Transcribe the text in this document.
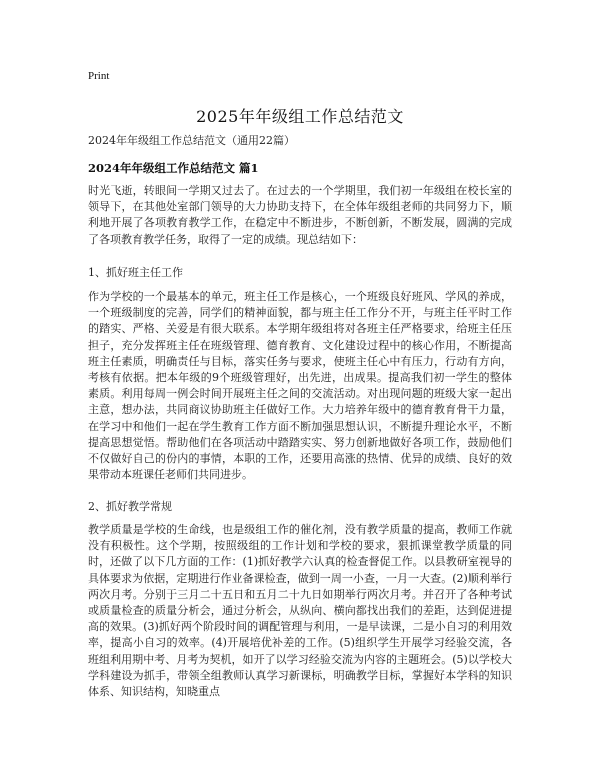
Print
2025年年级组工作总结范文
2024年年级组工作总结范文（通用22篇）
2024年年级组工作总结范文 篇1

时光飞逝，转眼间一学期又过去了。在过去的一个学期里，我们初一年级组在校长室的领导下，在其他处室部门领导的大力协助支持下，在全体年级组老师的共同努力下，顺利地开展了各项教育教学工作，在稳定中不断进步，不断创新，不断发展，圆满的完成了各项教育教学任务，取得了一定的成绩。现总结如下：

1、抓好班主任工作

作为学校的一个最基本的单元，班主任工作是核心，一个班级良好班风、学风的养成，一个班级制度的完善，同学们的精神面貌，都与班主任工作分不开，与班主任平时工作的踏实、严格、关爱是有很大联系。本学期年级组将对各班主任严格要求，给班主任压担子，充分发挥班主任在班级管理、德育教育、文化建设过程中的核心作用，不断提高班主任素质，明确责任与目标，落实任务与要求，使班主任心中有压力，行动有方向，考核有依据。把本年级的9个班级管理好，出先进，出成果。提高我们初一学生的整体素质。利用每周一例会时间开展班主任之间的交流活动。对出现问题的班级大家一起出主意，想办法，共同商议协助班主任做好工作。大力培养年级中的德育教育骨干力量，在学习中和他们一起在学生教育工作方面不断加强思想认识，不断提升理论水平，不断提高思想觉悟。帮助他们在各项活动中踏踏实实、努力创新地做好各项工作，鼓励他们不仅做好自己的份内的事情，本职的工作，还要用高涨的热情、优异的成绩、良好的效果带动本班课任老师们共同进步。

2、抓好教学常规

教学质量是学校的生命线，也是级组工作的催化剂，没有教学质量的提高，教师工作就没有积极性。这个学期，按照级组的工作计划和学校的要求，狠抓课堂教学质量的同时，还做了以下几方面的工作：(1)抓好教学六认真的检查督促工作。以县教研室视导的具体要求为依据，定期进行作业备课检查，做到一周一小查，一月一大查。(2)顺利举行两次月考。分别于三月二十五日和五月二十九日如期举行两次月考。并召开了各种考试或质量检查的质量分析会，通过分析会，从纵向、横向都找出我们的差距，达到促进提高的效果。(3)抓好两个阶段时间的调配管理与利用，一是早读课，二是小自习的利用效率，提高小自习的效率。(4)开展培优补差的工作。(5)组织学生开展学习经验交流，各班组利用期中考、月考为契机，如开了以学习经验交流为内容的主题班会。(5)以学校大学科建设为抓手，带领全组教师认真学习新课标，明确教学目标，掌握好本学科的知识体系、知识结构，知晓重点
